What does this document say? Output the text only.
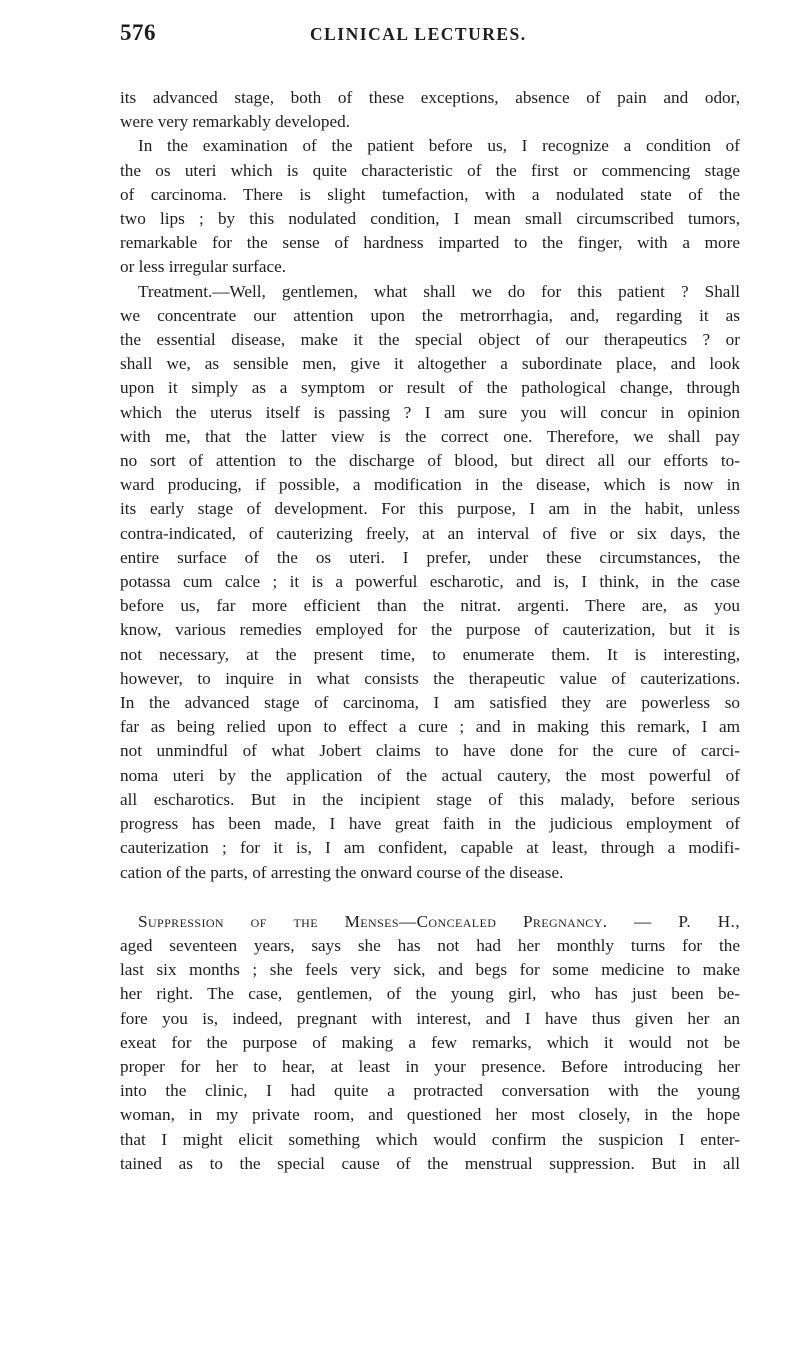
576	CLINICAL LECTURES.
its advanced stage, both of these exceptions, absence of pain and odor,
were very remarkably developed.
In the examination of the patient before us, I recognize a condition of
the os uteri which is quite characteristic of the first or commencing stage
of carcinoma. There is slight tumefaction, with a nodulated state of the
two lips ; by this nodulated condition, I mean small circumscribed tumors,
remarkable for the sense of hardness imparted to the finger, with a more
or less irregular surface.
Treatment.—Well, gentlemen, what shall we do for this patient ? Shall
we concentrate our attention upon the metrorrhagia, and, regarding it as
the essential disease, make it the special object of our therapeutics ? or
shall we, as sensible men, give it altogether a subordinate place, and look
upon it simply as a symptom or result of the pathological change, through
which the uterus itself is passing ? I am sure you will concur in opinion
with me, that the latter view is the correct one. Therefore, we shall pay
no sort of attention to the discharge of blood, but direct all our efforts to-
ward producing, if possible, a modification in the disease, which is now in
its early stage of development. For this purpose, I am in the habit, unless
contra-indicated, of cauterizing freely, at an interval of five or six days, the
entire surface of the os uteri. I prefer, under these circumstances, the
potassa cum calce ; it is a powerful escharotic, and is, I think, in the case
before us, far more efficient than the nitrat. argenti. There are, as you
know, various remedies employed for the purpose of cauterization, but it is
not necessary, at the present time, to enumerate them. It is interesting,
however, to inquire in what consists the therapeutic value of cauterizations.
In the advanced stage of carcinoma, I am satisfied they are powerless so
far as being relied upon to effect a cure ; and in making this remark, I am
not unmindful of what Jobert claims to have done for the cure of carci-
noma uteri by the application of the actual cautery, the most powerful of
all escharotics. But in the incipient stage of this malady, before serious
progress has been made, I have great faith in the judicious employment of
cauterization ; for it is, I am confident, capable at least, through a modifi-
cation of the parts, of arresting the onward course of the disease.
Suppression of the Menses—Concealed Pregnancy. — P. H.,
aged seventeen years, says she has not had her monthly turns for the
last six months ; she feels very sick, and begs for some medicine to make
her right. The case, gentlemen, of the young girl, who has just been be-
fore you is, indeed, pregnant with interest, and I have thus given her an
exeat for the purpose of making a few remarks, which it would not be
proper for her to hear, at least in your presence. Before introducing her
into the clinic, I had quite a protracted conversation with the young
woman, in my private room, and questioned her most closely, in the hope
that I might elicit something which would confirm the suspicion I enter-
tained as to the special cause of the menstrual suppression. But in all
